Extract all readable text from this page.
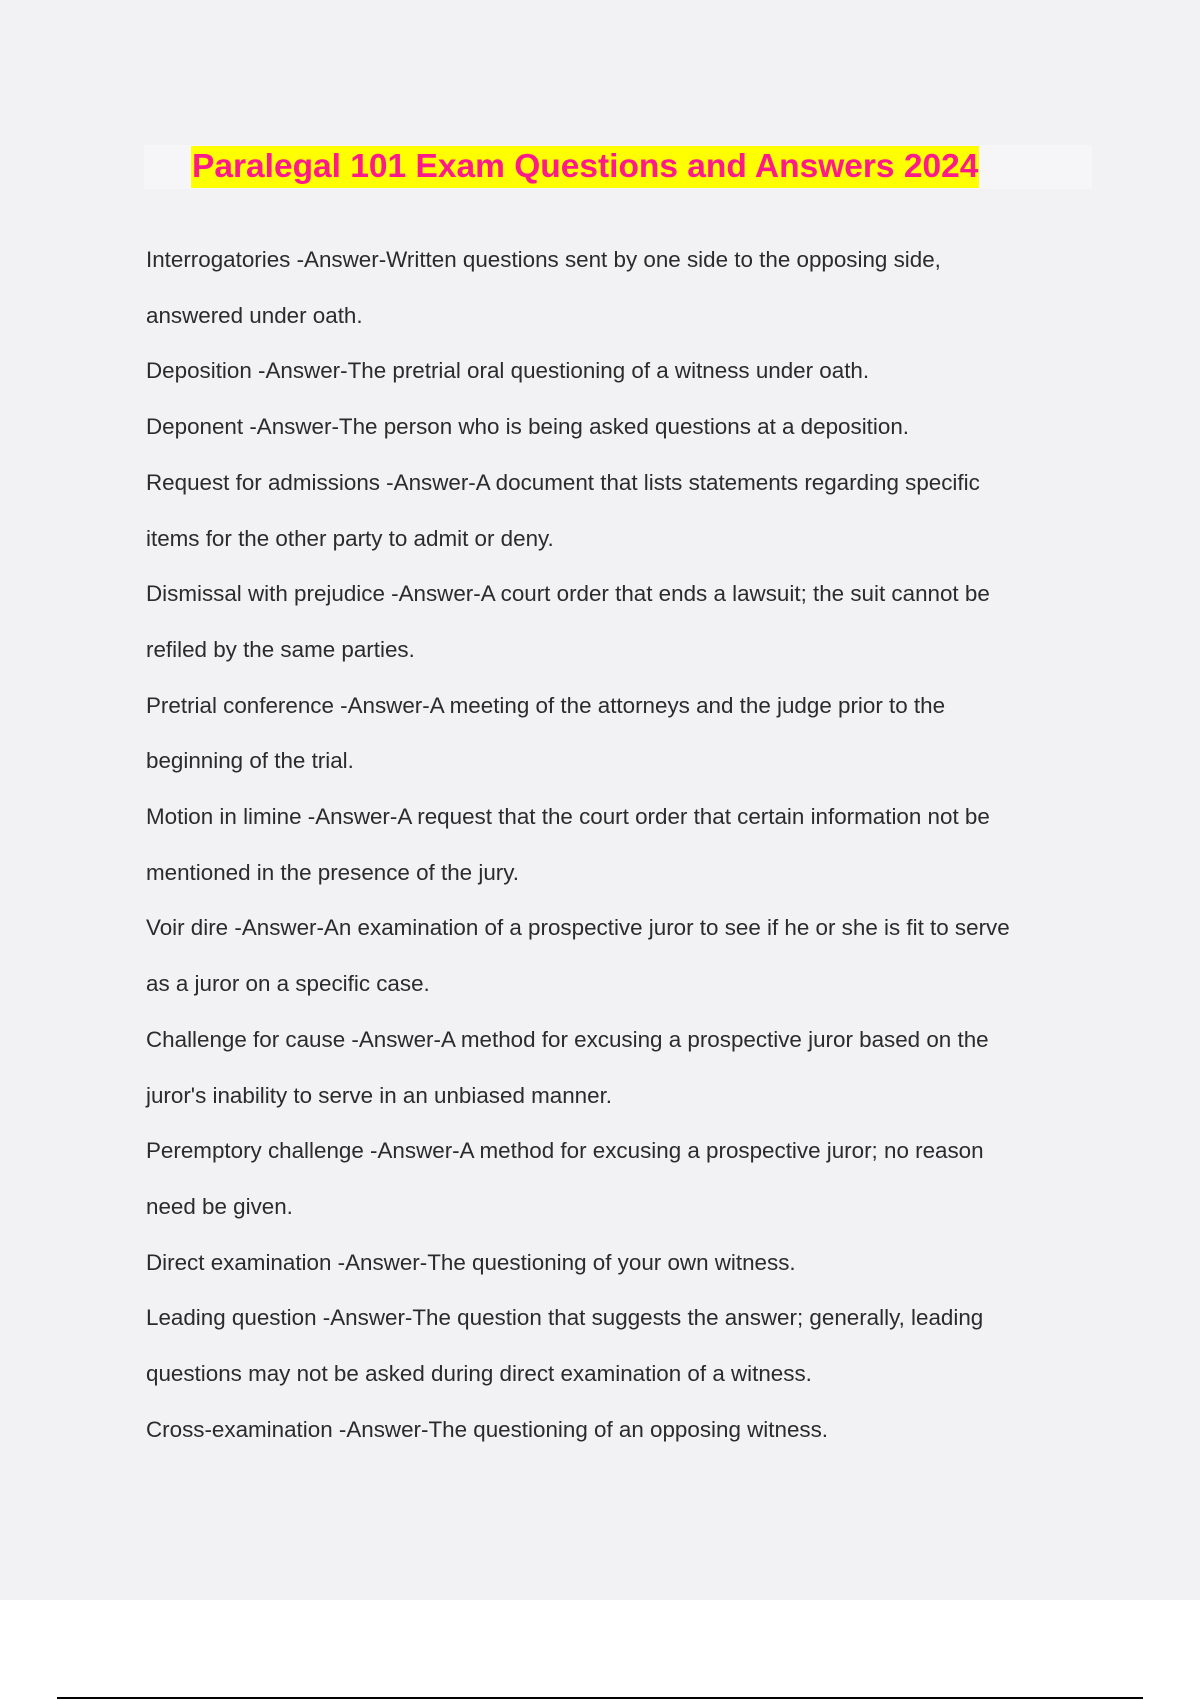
Paralegal 101 Exam Questions and Answers 2024
Interrogatories -Answer-Written questions sent by one side to the opposing side,
answered under oath.
Deposition -Answer-The pretrial oral questioning of a witness under oath.
Deponent -Answer-The person who is being asked questions at a deposition.
Request for admissions -Answer-A document that lists statements regarding specific
items for the other party to admit or deny.
Dismissal with prejudice -Answer-A court order that ends a lawsuit; the suit cannot be
refiled by the same parties.
Pretrial conference -Answer-A meeting of the attorneys and the judge prior to the
beginning of the trial.
Motion in limine -Answer-A request that the court order that certain information not be
mentioned in the presence of the jury.
Voir dire -Answer-An examination of a prospective juror to see if he or she is fit to serve
as a juror on a specific case.
Challenge for cause -Answer-A method for excusing a prospective juror based on the
juror's inability to serve in an unbiased manner.
Peremptory challenge -Answer-A method for excusing a prospective juror; no reason
need be given.
Direct examination -Answer-The questioning of your own witness.
Leading question -Answer-The question that suggests the answer; generally, leading
questions may not be asked during direct examination of a witness.
Cross-examination -Answer-The questioning of an opposing witness.
